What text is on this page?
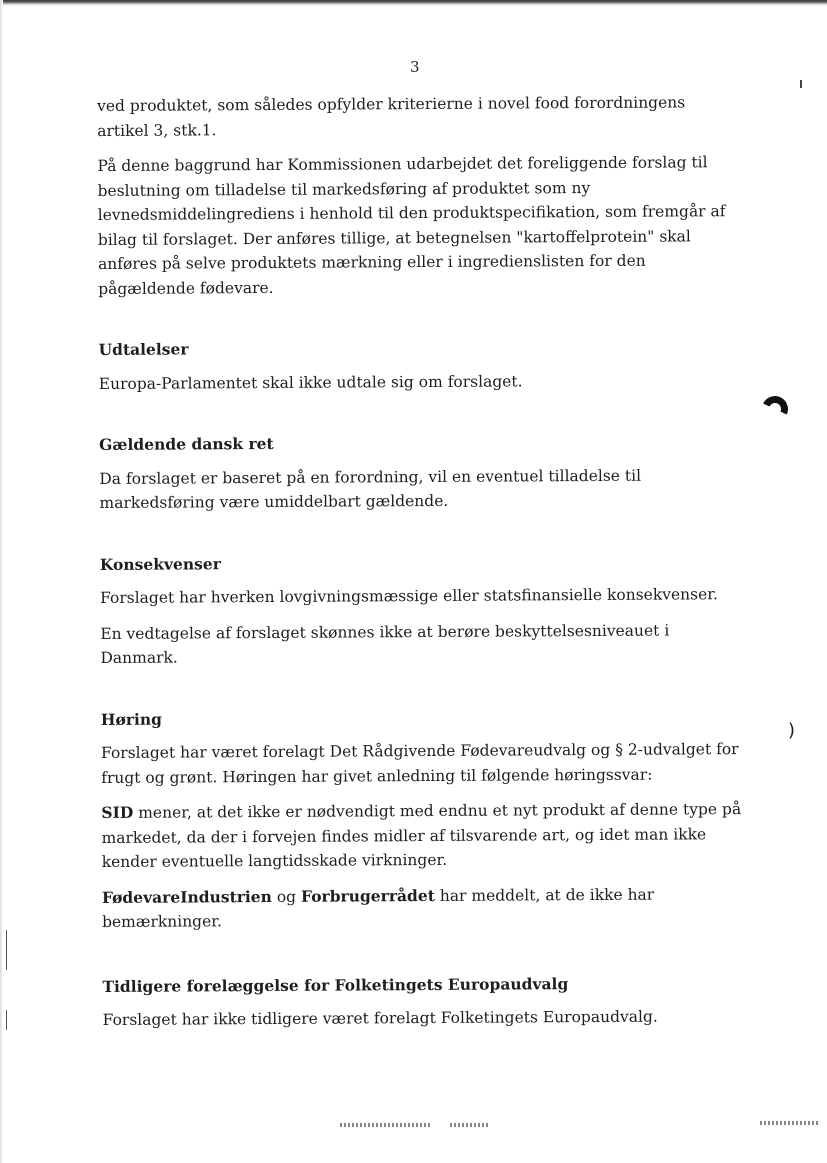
)
3

ved produktet, som således opfylder kriterierne i novel food forordningens artikel 3, stk.1.

På denne baggrund har Kommissionen udarbejdet det foreliggende forslag til beslutning om tilladelse til markedsføring af produktet som ny levnedsmiddelingrediens i henhold til den produktspecifikation, som fremgår af bilag til forslaget. Der anføres tillige, at betegnelsen "kartoffelprotein" skal anføres på selve produktets mærkning eller i ingredienslisten for den pågældende fødevare.

Udtalelser

Europa-Parlamentet skal ikke udtale sig om forslaget.

Gældende dansk ret

Da forslaget er baseret på en forordning, vil en eventuel tilladelse til markedsføring være umiddelbart gældende.

Konsekvenser

Forslaget har hverken lovgivningsmæssige eller statsfinansielle konsekvenser.

En vedtagelse af forslaget skønnes ikke at berøre beskyttelsesniveauet i Danmark.

Høring

Forslaget har været forelagt Det Rådgivende Fødevareudvalg og § 2-udvalget for frugt og grønt. Høringen har givet anledning til følgende høringssvar:

SID mener, at det ikke er nødvendigt med endnu et nyt produkt af denne type på markedet, da der i forvejen findes midler af tilsvarende art, og idet man ikke kender eventuelle langtidsskade virkninger.

FødevareIndustrien og Forbrugerrådet har meddelt, at de ikke har bemærkninger.

Tidligere forelæggelse for Folketingets Europaudvalg

Forslaget har ikke tidligere været forelagt Folketingets Europaudvalg.
